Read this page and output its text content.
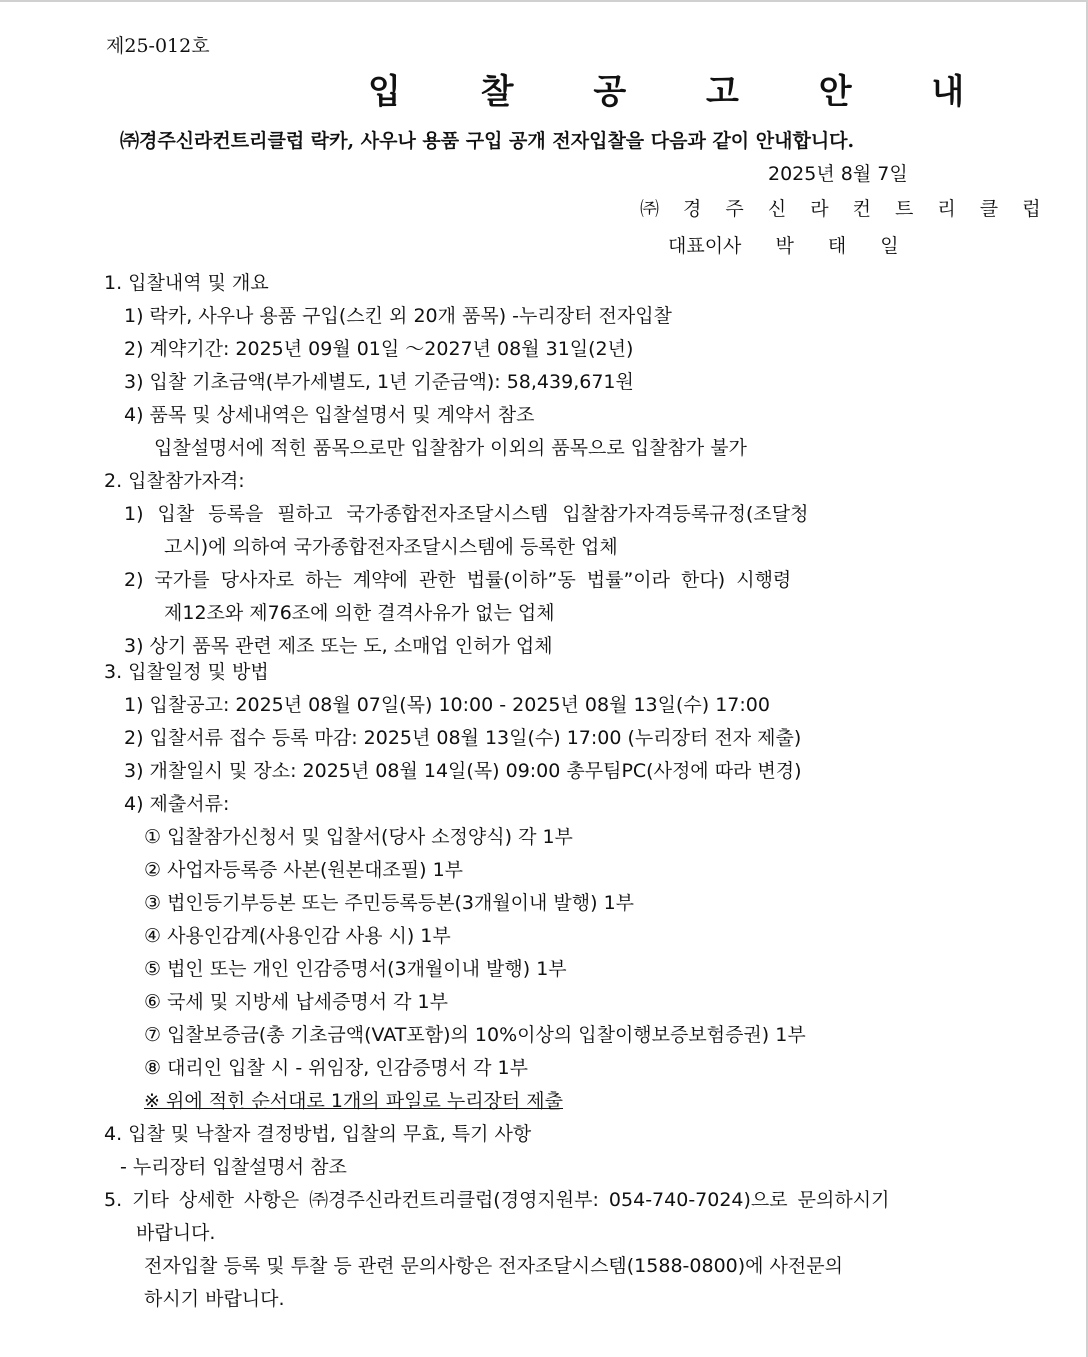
제25-012호
입 찰 공 고 안 내
㈜경주신라컨트리클럽 락카, 사우나 용품 구입 공개 전자입찰을 다음과 같이 안내합니다.
2025년 8월 7일
㈜ 경 주 신 라 컨 트 리 클 럽
대표이사 박 태 일
1. 입찰내역 및 개요
1) 락카, 사우나 용품 구입(스킨 외 20개 품목) -누리장터 전자입찰
2) 계약기간: 2025년 09월 01일 ～2027년 08월 31일(2년)
3) 입찰 기초금액(부가세별도, 1년 기준금액): 58,439,671원
4) 품목 및 상세내역은 입찰설명서 및 계약서 참조
입찰설명서에 적힌 품목으로만 입찰참가 이외의 품목으로 입찰참가 불가
2. 입찰참가자격:
1) 입찰 등록을 필하고 국가종합전자조달시스템 입찰참가자격등록규정(조달청
고시)에 의하여 국가종합전자조달시스템에 등록한 업체
2) 국가를 당사자로 하는 계약에 관한 법률(이하”동 법률”이라 한다) 시행령
제12조와 제76조에 의한 결격사유가 없는 업체
3) 상기 품목 관련 제조 또는 도, 소매업 인허가 업체
3. 입찰일정 및 방법
1) 입찰공고: 2025년 08월 07일(목) 10:00 - 2025년 08월 13일(수) 17:00
2) 입찰서류 접수 등록 마감: 2025년 08월 13일(수) 17:00 (누리장터 전자 제출)
3) 개찰일시 및 장소: 2025년 08월 14일(목) 09:00 총무팀PC(사정에 따라 변경)
4) 제출서류:
① 입찰참가신청서 및 입찰서(당사 소정양식) 각 1부
② 사업자등록증 사본(원본대조필) 1부
③ 법인등기부등본 또는 주민등록등본(3개월이내 발행) 1부
④ 사용인감계(사용인감 사용 시) 1부
⑤ 법인 또는 개인 인감증명서(3개월이내 발행) 1부
⑥ 국세 및 지방세 납세증명서 각 1부
⑦ 입찰보증금(총 기초금액(VAT포함)의 10%이상의 입찰이행보증보험증권) 1부
⑧ 대리인 입찰 시 - 위임장, 인감증명서 각 1부
※ 위에 적힌 순서대로 1개의 파일로 누리장터 제출
4. 입찰 및 낙찰자 결정방법, 입찰의 무효, 특기 사항
- 누리장터 입찰설명서 참조
5. 기타 상세한 사항은 ㈜경주신라컨트리클럽(경영지원부: 054-740-7024)으로 문의하시기
바랍니다.
전자입찰 등록 및 투찰 등 관련 문의사항은 전자조달시스템(1588-0800)에 사전문의
하시기 바랍니다.
